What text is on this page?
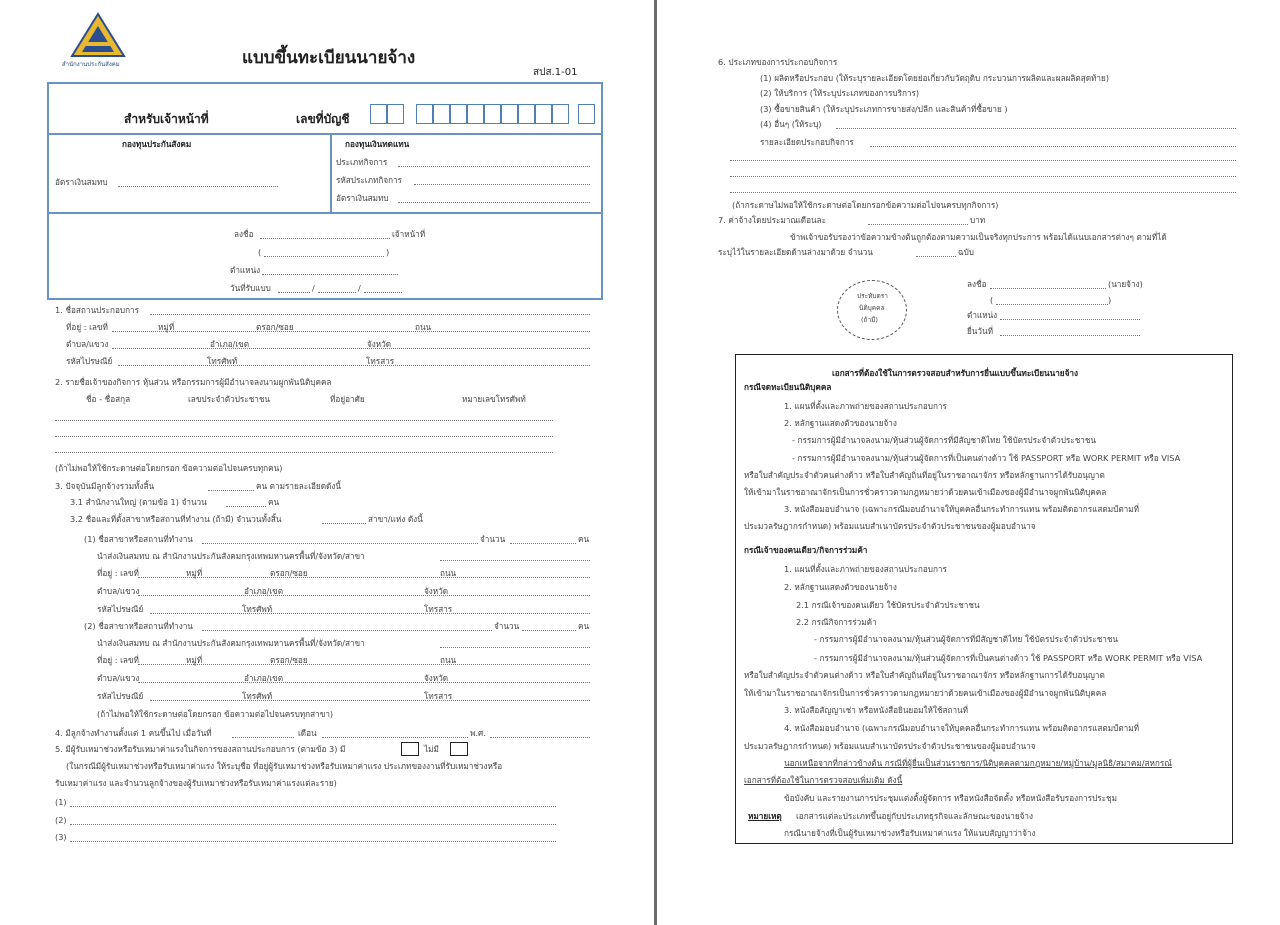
สำนักงานประกันสังคม	แบบขึ้นทะเบียนนายจ้าง
สปส.1-01
สำหรับเจ้าหน้าที่	เลขที่บัญชี
กองทุนประกันสังคม	กองทุนเงินทดแทน
อัตราเงินสมทบ
ประเภทกิจการ
รหัสประเภทกิจการ
อัตราเงินสมทบ
ลงชื่อ	เจ้าหน้าที่
(	)
ตำแหน่ง
วันที่รับแบบ	/	/
1. ชื่อสถานประกอบการ
ที่อยู่ : เลขที่	หมู่ที่	ตรอก/ซอย	ถนน
ตำบล/แขวง	อำเภอ/เขต	จังหวัด
รหัสไปรษณีย์	โทรศัพท์	โทรสาร
2. รายชื่อเจ้าของกิจการ หุ้นส่วน หรือกรรมการผู้มีอำนาจลงนามผูกพันนิติบุคคล
ชื่อ - ชื่อสกุล	เลขประจำตัวประชาชน	ที่อยู่อาศัย	หมายเลขโทรศัพท์
(ถ้าไม่พอให้ใช้กระดาษต่อโดยกรอก ข้อความต่อไปจนครบทุกคน)
3. ปัจจุบันมีลูกจ้างรวมทั้งสิ้น	คน ตามรายละเอียดดังนี้
3.1 สำนักงานใหญ่ (ตามข้อ 1) จำนวน	คน
3.2 ชื่อและที่ตั้งสาขาหรือสถานที่ทำงาน (ถ้ามี) จำนวนทั้งสิ้น	สาขา/แห่ง ดังนี้
(1) ชื่อสาขาหรือสถานที่ทำงาน	จำนวน	คน
นำส่งเงินสมทบ ณ สำนักงานประกันสังคมกรุงเทพมหานครพื้นที่/จังหวัด/สาขา
ที่อยู่ : เลขที่	หมู่ที่	ตรอก/ซอย	ถนน
ตำบล/แขวง	อำเภอ/เขต	จังหวัด
รหัสไปรษณีย์	โทรศัพท์	โทรสาร
(2) ชื่อสาขาหรือสถานที่ทำงาน	จำนวน	คน
นำส่งเงินสมทบ ณ สำนักงานประกันสังคมกรุงเทพมหานครพื้นที่/จังหวัด/สาขา
ที่อยู่ : เลขที่	หมู่ที่	ตรอก/ซอย	ถนน
ตำบล/แขวง	อำเภอ/เขต	จังหวัด
รหัสไปรษณีย์	โทรศัพท์	โทรสาร
(ถ้าไม่พอให้ใช้กระดาษต่อโดยกรอก ข้อความต่อไปจนครบทุกสาขา)
4. มีลูกจ้างทำงานตั้งแต่ 1 คนขึ้นไป เมื่อวันที่	เดือน	พ.ศ.
5. มีผู้รับเหมาช่วงหรือรับเหมาค่าแรงในกิจการของสถานประกอบการ (ตามข้อ 3) มี	ไม่มี
(ในกรณีมีผู้รับเหมาช่วงหรือรับเหมาค่าแรง ให้ระบุชื่อ ที่อยู่ผู้รับเหมาช่วงหรือรับเหมาค่าแรง ประเภทของงานที่รับเหมาช่วงหรือ
รับเหมาค่าแรง และจำนวนลูกจ้างของผู้รับเหมาช่วงหรือรับเหมาค่าแรงแต่ละราย)
(1)
(2)
(3)
6. ประเภทของการประกอบกิจการ
(1) ผลิตหรือประกอบ (ให้ระบุรายละเอียดโดยย่อเกี่ยวกับวัตถุดิบ กระบวนการผลิตและผลผลิตสุดท้าย)
(2) ให้บริการ (ให้ระบุประเภทของการบริการ)
(3) ซื้อขายสินค้า (ให้ระบุประเภทการขายส่ง/ปลีก และสินค้าที่ซื้อขาย )
(4) อื่นๆ (ให้ระบุ)
รายละเอียดประกอบกิจการ
(ถ้ากระดาษไม่พอให้ใช้กระดาษต่อโดยกรอกข้อความต่อไปจนครบทุกกิจการ)
7. ค่าจ้างโดยประมาณเดือนละ	บาท
ข้าพเจ้าขอรับรองว่าข้อความข้างต้นถูกต้องตามความเป็นจริงทุกประการ พร้อมได้แนบเอกสารต่างๆ ตามที่ได้
ระบุไว้ในรายละเอียดด้านล่างมาด้วย จำนวน	ฉบับ
ประทับตรา
นิติบุคคล
(ถ้ามี)
ลงชื่อ	(นายจ้าง)
(	)
ตำแหน่ง
ยื่นวันที่
เอกสารที่ต้องใช้ในการตรวจสอบสำหรับการยื่นแบบขึ้นทะเบียนนายจ้าง
กรณีจดทะเบียนนิติบุคคล
1. แผนที่ตั้งและภาพถ่ายของสถานประกอบการ
2. หลักฐานแสดงตัวของนายจ้าง
- กรรมการผู้มีอำนาจลงนาม/หุ้นส่วนผู้จัดการที่มีสัญชาติไทย ใช้บัตรประจำตัวประชาชน
- กรรมการผู้มีอำนาจลงนาม/หุ้นส่วนผู้จัดการที่เป็นคนต่างด้าว ใช้ PASSPORT หรือ WORK PERMIT หรือ VISA
หรือใบสำคัญประจำตัวคนต่างด้าว หรือใบสำคัญถิ่นที่อยู่ในราชอาณาจักร หรือหลักฐานการได้รับอนุญาต
ให้เข้ามาในราชอาณาจักรเป็นการชั่วคราวตามกฎหมายว่าด้วยคนเข้าเมืองของผู้มีอำนาจผูกพันนิติบุคคล
3. หนังสือมอบอำนาจ (เฉพาะกรณีมอบอำนาจให้บุคคลอื่นกระทำการแทน พร้อมติดอากรแสตมป์ตามที่
ประมวลรัษฎากรกำหนด) พร้อมแนบสำเนาบัตรประจำตัวประชาชนของผู้มอบอำนาจ
กรณีเจ้าของคนเดียว/กิจการร่วมค้า
1. แผนที่ตั้งและภาพถ่ายของสถานประกอบการ
2. หลักฐานแสดงตัวของนายจ้าง
2.1 กรณีเจ้าของคนเดียว ใช้บัตรประจำตัวประชาชน
2.2 กรณีกิจการร่วมค้า
- กรรมการผู้มีอำนาจลงนาม/หุ้นส่วนผู้จัดการที่มีสัญชาติไทย ใช้บัตรประจำตัวประชาชน
- กรรมการผู้มีอำนาจลงนาม/หุ้นส่วนผู้จัดการที่เป็นคนต่างด้าว ใช้ PASSPORT หรือ WORK PERMIT หรือ VISA
หรือใบสำคัญประจำตัวคนต่างด้าว หรือใบสำคัญถิ่นที่อยู่ในราชอาณาจักร หรือหลักฐานการได้รับอนุญาต
ให้เข้ามาในราชอาณาจักรเป็นการชั่วคราวตามกฎหมายว่าด้วยคนเข้าเมืองของผู้มีอำนาจผูกพันนิติบุคคล
3. หนังสือสัญญาเช่า หรือหนังสือยินยอมให้ใช้สถานที่
4. หนังสือมอบอำนาจ (เฉพาะกรณีมอบอำนาจให้บุคคลอื่นกระทำการแทน พร้อมติดอากรแสตมป์ตามที่
ประมวลรัษฎากรกำหนด) พร้อมแนบสำเนาบัตรประจำตัวประชาชนของผู้มอบอำนาจ
นอกเหนือจากที่กล่าวข้างต้น กรณีที่ผู้ยื่นเป็นส่วนราชการ/นิติบุคคลตามกฎหมาย/หมู่บ้าน/มูลนิธิ/สมาคม/สหกรณ์
เอกสารที่ต้องใช้ในการตรวจสอบเพิ่มเติม ดังนี้
ข้อบังคับ และรายงานการประชุมแต่งตั้งผู้จัดการ หรือหนังสือจัดตั้ง หรือหนังสือรับรองการประชุม
หมายเหตุ เอกสารแต่ละประเภทขึ้นอยู่กับประเภทธุรกิจและลักษณะของนายจ้าง
กรณีนายจ้างที่เป็นผู้รับเหมาช่วงหรือรับเหมาค่าแรง ให้แนบสัญญาว่าจ้าง
